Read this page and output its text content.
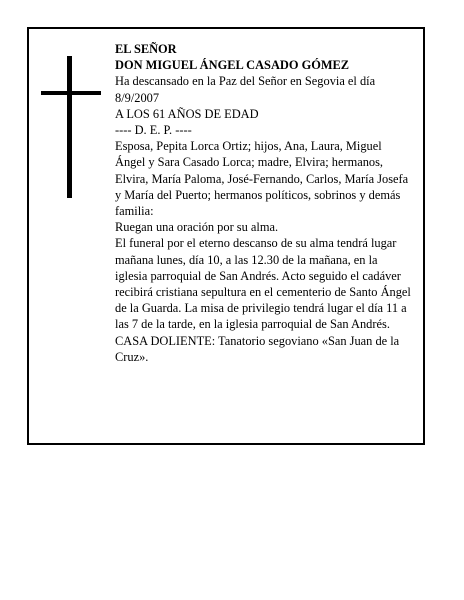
EL SEÑOR

DON MIGUEL ÁNGEL CASADO GÓMEZ

Ha descansado en la Paz del Señor en Segovia el día 8/9/2007

A LOS 61 AÑOS DE EDAD

---- D. E. P. ----

Esposa, Pepita Lorca Ortiz; hijos, Ana, Laura, Miguel Ángel y Sara Casado Lorca; madre, Elvira; hermanos, Elvira, María Paloma, José-Fernando, Carlos, María Josefa y María del Puerto; hermanos políticos, sobrinos y demás familia:

Ruegan una oración por su alma.

El funeral por el eterno descanso de su alma tendrá lugar mañana lunes, día 10, a las 12.30 de la mañana, en la iglesia parroquial de San Andrés. Acto seguido el cadáver recibirá cristiana sepultura en el cementerio de Santo Ángel de la Guarda. La misa de privilegio tendrá lugar el día 11 a las 7 de la tarde, en la iglesia parroquial de San Andrés.

CASA DOLIENTE: Tanatorio segoviano «San Juan de la Cruz».
